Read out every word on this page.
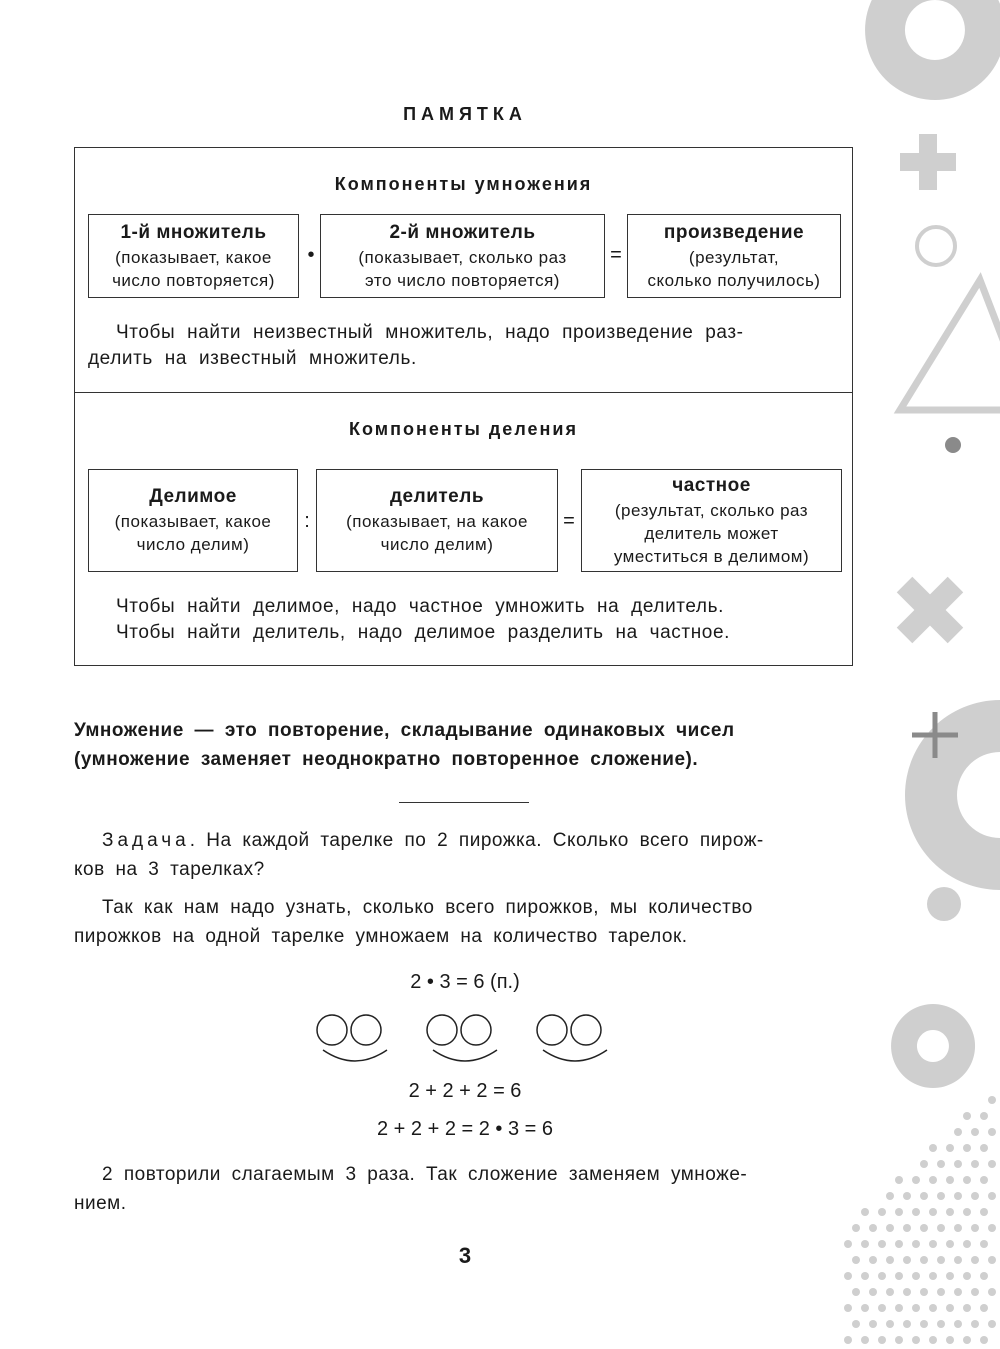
ПАМЯТКА
Компоненты умножения
1-й множитель
(показывает, какое
число повторяется)
•
2-й множитель
(показывает, сколько раз
это число повторяется)
=
произведение
(результат,
сколько получилось)
Чтобы найти неизвестный множитель, надо произведение раз-
делить на известный множитель.
Компоненты деления
Делимое
(показывает, какое
число делим)
:
делитель
(показывает, на какое
число делим)
=
частное
(результат, сколько раз
делитель может
уместиться в делимом)
Чтобы найти делимое, надо частное умножить на делитель.
Чтобы найти делитель, надо делимое разделить на частное.
Умножение — это повторение, складывание одинаковых чисел
(умножение заменяет неоднократно повторенное сложение).
Задача. На каждой тарелке по 2 пирожка. Сколько всего пирож-
ков на 3 тарелках?
Так как нам надо узнать, сколько всего пирожков, мы количество
пирожков на одной тарелке умножаем на количество тарелок.
2 • 3 = 6 (п.)
2 + 2 + 2 = 6
2 + 2 + 2 = 2 • 3 = 6
2 повторили слагаемым 3 раза. Так сложение заменяем умноже-
нием.
3
